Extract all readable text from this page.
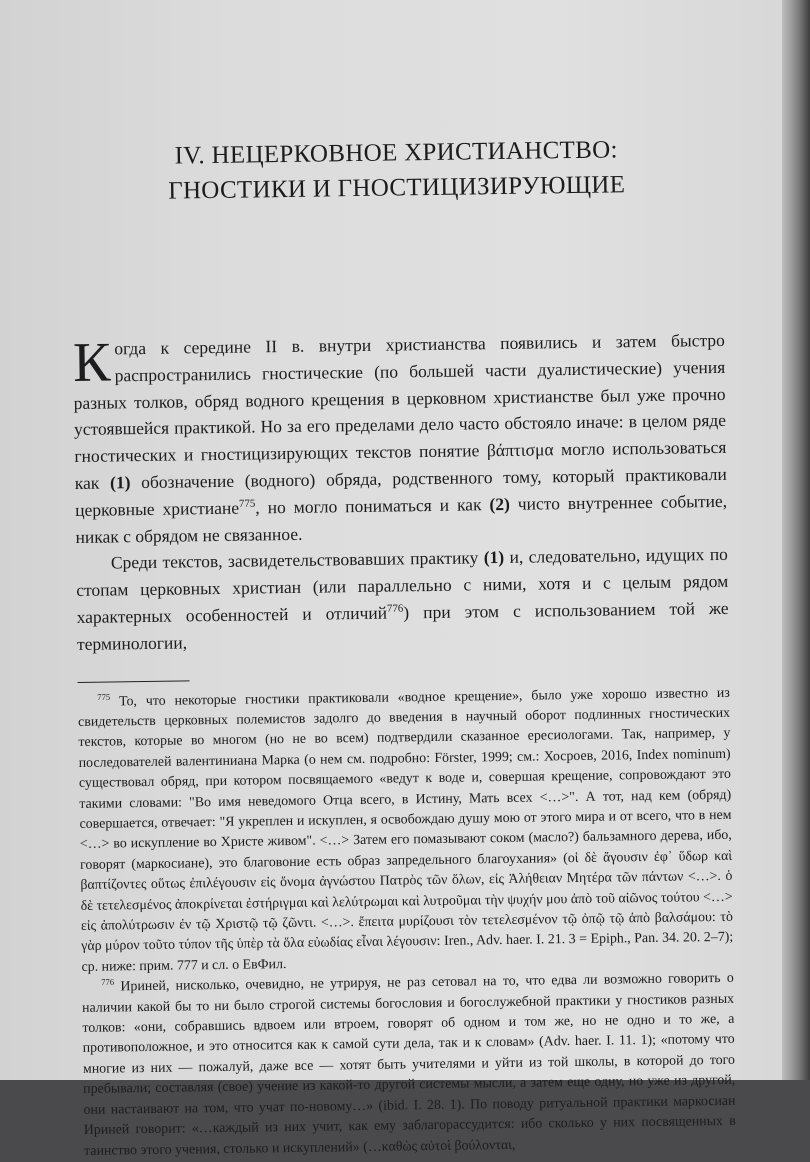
IV. НЕЦЕРКОВНОЕ ХРИСТИАНСТВО:
ГНОСТИКИ И ГНОСТИЦИЗИРУЮЩИЕ

Когда к середине II в. внутри христианства появились и затем быстро распространились гностические (по большей части дуалистические) учения разных толков, обряд водного крещения в церковном христианстве был уже прочно устоявшейся практикой. Но за его пределами дело часто обстояло иначе: в целом ряде гностических и гностицизирующих текстов понятие βάπτισμα могло использоваться как (1) обозначение (водного) обряда, родственного тому, который практиковали церковные христиане$^{775}$, но могло пониматься и как (2) чисто внутреннее событие, никак с обрядом не связанное.

Среди текстов, засвидетельствовавших практику (1) и, следовательно, идущих по стопам церковных христиан (или параллельно с ними, хотя и с целым рядом характерных особенностей и отличий$^{776}$) при этом с использованием той же терминологии,

$^{775}$ То, что некоторые гностики практиковали «водное крещение», было уже хорошо известно из свидетельств церковных полемистов задолго до введения в научный оборот подлинных гностических текстов, которые во многом (но не во всем) подтвердили сказанное ересиологами. Так, например, у последователей валентиниана Марка (о нем см. подробно: Förster, 1999; см.: Хосроев, 2016, Index nominum) существовал обряд, при котором посвящаемого «ведут к воде и, совершая крещение, сопровождают это такими словами: "Во имя неведомого Отца всего, в Истину, Мать всех <…>". А тот, над кем (обряд) совершается, отвечает: "Я укреплен и искуплен, я освобождаю душу мою от этого мира и от всего, что в нем <…> во искупление во Христе живом". <…> Затем его помазывают соком (масло?) бальзамного дерева, ибо, говорят (маркосиане), это благовоние есть образ запредельного благоухания» (οἱ δὲ ἄγουσιν ἐφ᾽ ὕδωρ καὶ βαπτίζοντες οὕτως ἐπιλέγουσιν εἰς ὄνομα ἀγνώστου Πατρὸς τῶν ὅλων, εἰς Ἀλήθειαν Μητέρα τῶν πάντων <…>. ὁ δὲ τετελεσμένος ἀποκρίνεται ἐστήριγμαι καὶ λελύτρωμαι καὶ λυτροῦμαι τὴν ψυχήν μου ἀπὸ τοῦ αἰῶνος τούτου <…> εἰς ἀπολύτρωσιν ἐν τῷ Χριστῷ τῷ ζῶντι. <…>. ἔπειτα μυρίζουσι τὸν τετελεσμένον τῷ ὀπῷ τῷ ἀπὸ βαλσάμου: τὸ γὰρ μύρον τοῦτο τύπον τῆς ὑπὲρ τὰ ὅλα εὐωδίας εἶναι λέγουσιν: Iren., Adv. haer. I. 21. 3 = Epiph., Pan. 34. 20. 2–7); ср. ниже: прим. 777 и сл. о ЕвФил.

$^{776}$ Ириней, нисколько, очевидно, не утрируя, не раз сетовал на то, что едва ли возможно говорить о наличии какой бы то ни было строгой системы богословия и богослужебной практики у гностиков разных толков: «они, собравшись вдвоем или втроем, говорят об одном и том же, но не одно и то же, а противоположное, и это относится как к самой сути дела, так и к словам» (Adv. haer. I. 11. 1); «потому что многие из них — пожалуй, даже все — хотят быть учителями и уйти из той школы, в которой до того пребывали; составляя (свое) учение из какой-то другой системы мысли, а затем еще одну, но уже из другой, они настаивают на том, что учат по-новому…» (ibid. I. 28. 1). По поводу ритуальной практики маркосиан Ириней говорит: «…каждый из них учит, как ему заблагорассудится: ибо сколько у них посвященных в таинство этого учения, столько и искуплений» (…καθὼς αὐτοὶ βούλονται,
